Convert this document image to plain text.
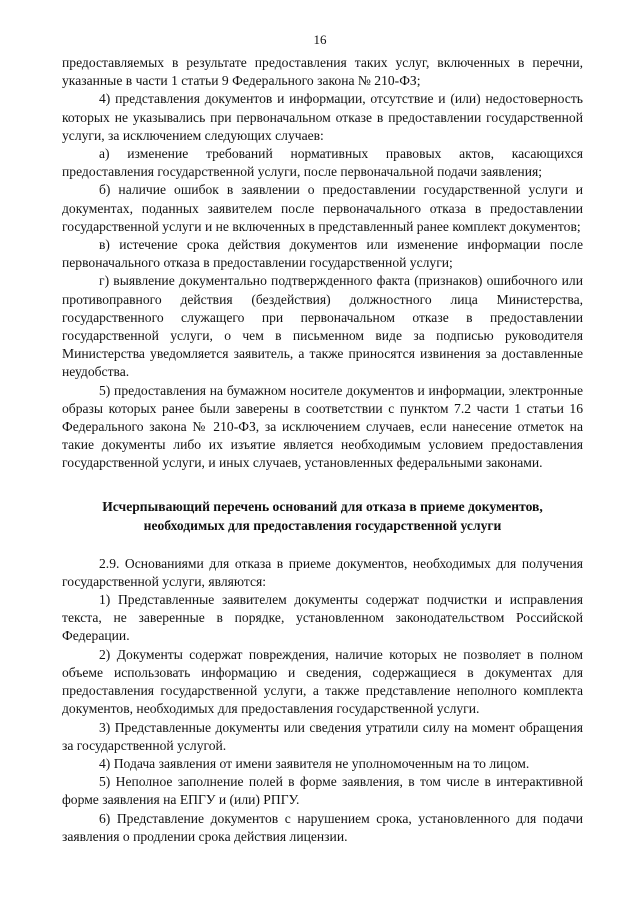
16

предоставляемых в результате предоставления таких услуг, включенных в перечни, указанные в части 1 статьи 9 Федерального закона № 210-ФЗ;

4) представления документов и информации, отсутствие и (или) недостоверность которых не указывались при первоначальном отказе в предоставлении государственной услуги, за исключением следующих случаев:

а) изменение требований нормативных правовых актов, касающихся предоставления государственной услуги, после первоначальной подачи заявления;

б) наличие ошибок в заявлении о предоставлении государственной услуги и документах, поданных заявителем после первоначального отказа в предоставлении государственной услуги и не включенных в представленный ранее комплект документов;

в) истечение срока действия документов или изменение информации после первоначального отказа в предоставлении государственной услуги;

г) выявление документально подтвержденного факта (признаков) ошибочного или противоправного действия (бездействия) должностного лица Министерства, государственного служащего при первоначальном отказе в предоставлении государственной услуги, о чем в письменном виде за подписью руководителя Министерства уведомляется заявитель, а также приносятся извинения за доставленные неудобства.

5) предоставления на бумажном носителе документов и информации, электронные образы которых ранее были заверены в соответствии с пунктом 7.2 части 1 статьи 16 Федерального закона № 210-ФЗ, за исключением случаев, если нанесение отметок на такие документы либо их изъятие является необходимым условием предоставления государственной услуги, и иных случаев, установленных федеральными законами.

Исчерпывающий перечень оснований для отказа в приеме документов,
необходимых для предоставления государственной услуги

2.9. Основаниями для отказа в приеме документов, необходимых для получения государственной услуги, являются:

1) Представленные заявителем документы содержат подчистки и исправления текста, не заверенные в порядке, установленном законодательством Российской Федерации.

2) Документы содержат повреждения, наличие которых не позволяет в полном объеме использовать информацию и сведения, содержащиеся в документах для предоставления государственной услуги, а также представление неполного комплекта документов, необходимых для предоставления государственной услуги.

3) Представленные документы или сведения утратили силу на момент обращения за государственной услугой.

4) Подача заявления от имени заявителя не уполномоченным на то лицом.

5) Неполное заполнение полей в форме заявления, в том числе в интерактивной форме заявления на ЕПГУ и (или) РПГУ.

6) Представление документов с нарушением срока, установленного для подачи заявления о продлении срока действия лицензии.
